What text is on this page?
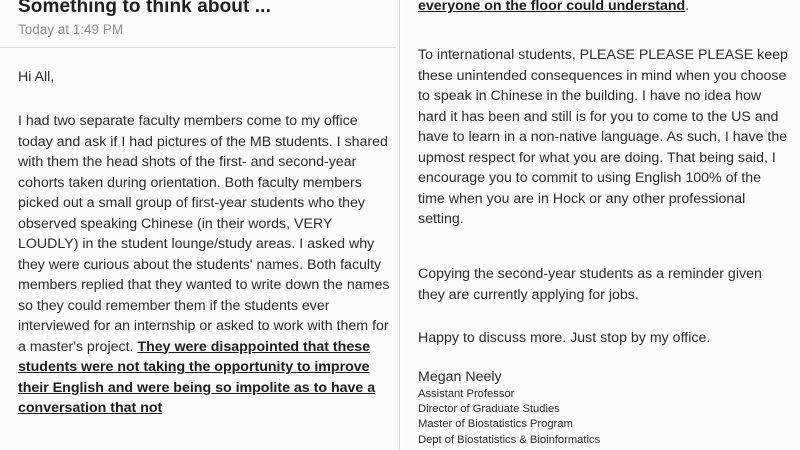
Something to think about ...
Today at 1:49 PM
Hi All,
I had two separate faculty members come to my office today and ask if I had pictures of the MB students. I shared with them the head shots of the first- and second-year cohorts taken during orientation. Both faculty members picked out a small group of first-year students who they observed speaking Chinese (in their words, VERY LOUDLY) in the student lounge/study areas. I asked why they were curious about the students' names. Both faculty members replied that they wanted to write down the names so they could remember them if the students ever interviewed for an internship or asked to work with them for a master's project. They were disappointed that these students were not taking the opportunity to improve their English and were being so impolite as to have a conversation that not
everyone on the floor could understand.
To international students, PLEASE PLEASE PLEASE keep these unintended consequences in mind when you choose to speak in Chinese in the building. I have no idea how hard it has been and still is for you to come to the US and have to learn in a non-native language. As such, I have the upmost respect for what you are doing. That being said, I encourage you to commit to using English 100% of the time when you are in Hock or any other professional setting.
Copying the second-year students as a reminder given they are currently applying for jobs.
Happy to discuss more. Just stop by my office.
Megan Neely
Assistant Professor
Director of Graduate Studies
Master of Biostatistics Program
Dept of Biostatistics & Bioinformatics
